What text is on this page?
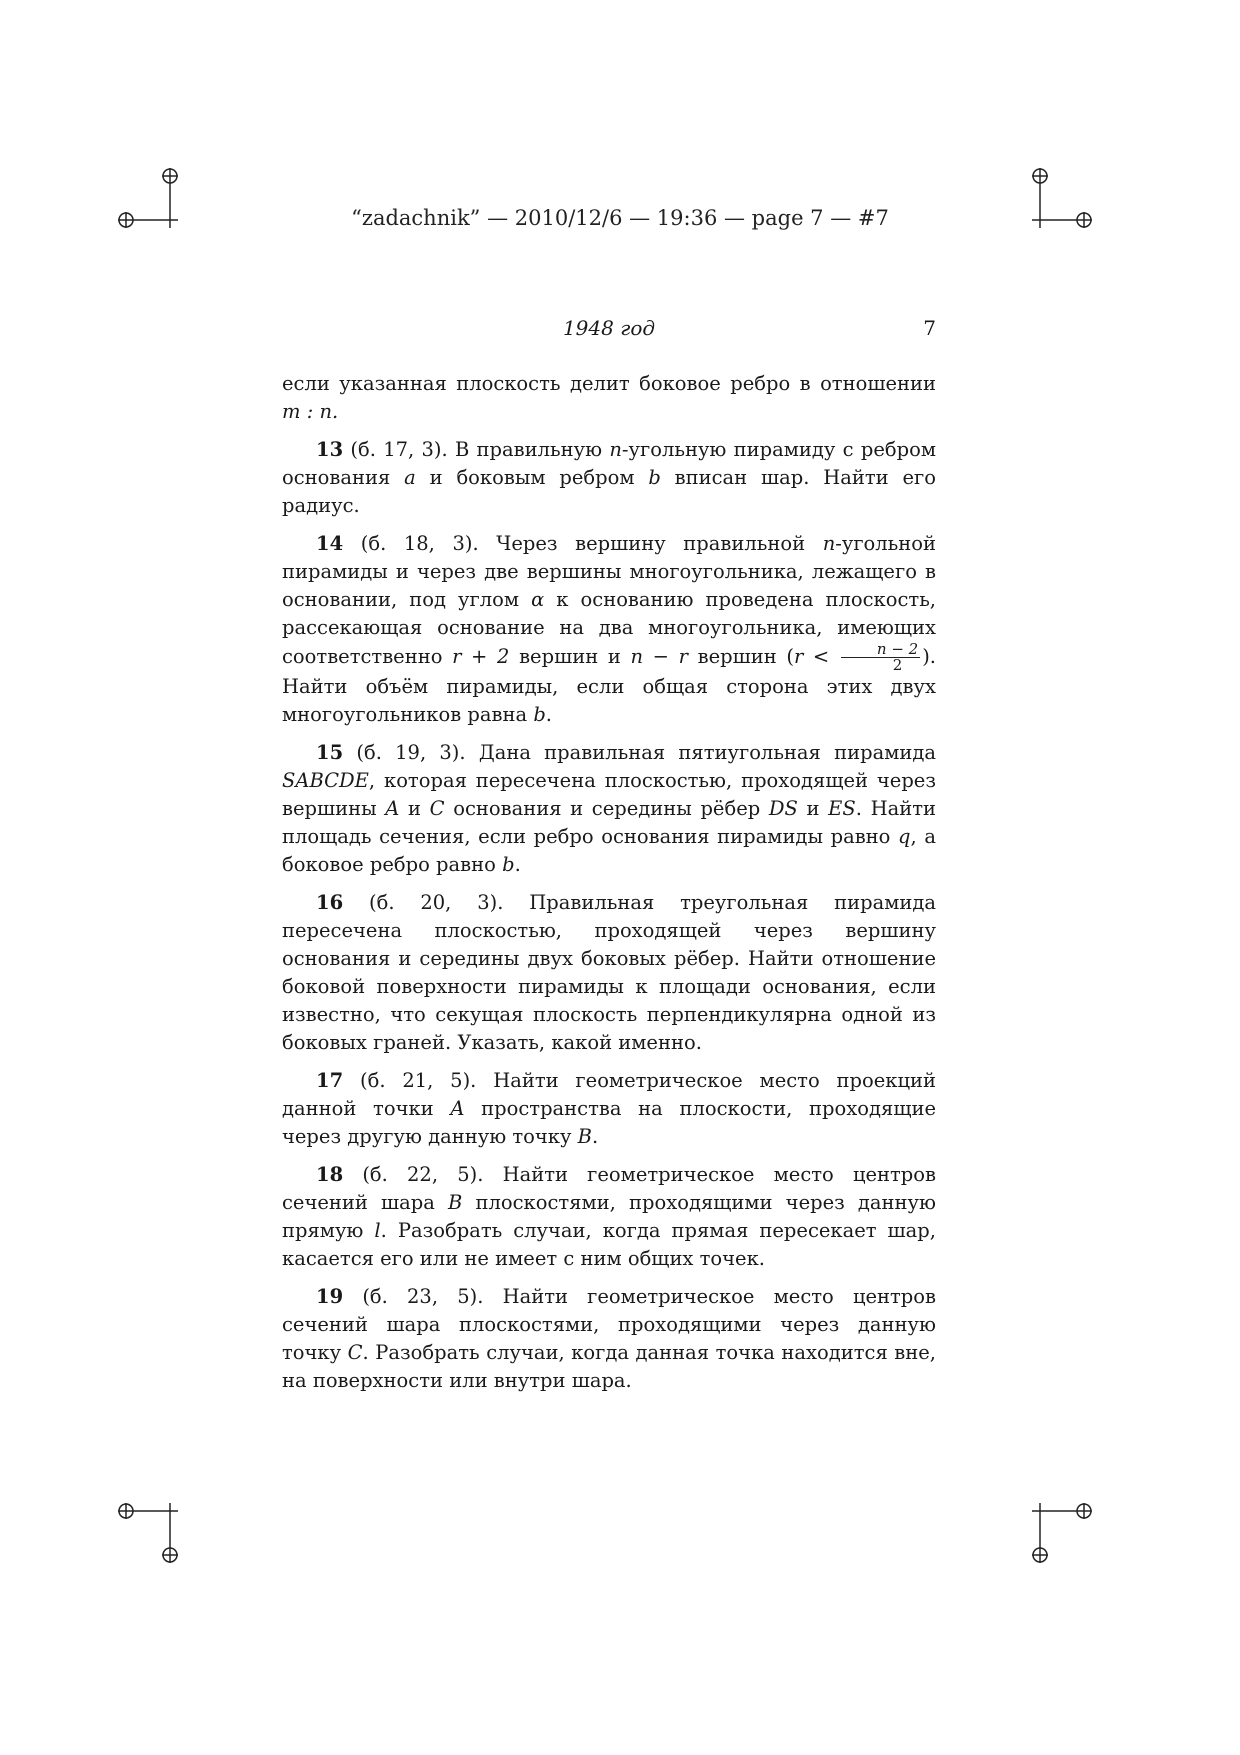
“zadachnik” — 2010/12/6 — 19:36 — page 7 — #7
1948 год	7

если указанная плоскость делит боковое ребро в отношении m : n.

13 (б. 17, 3). В правильную n-угольную пирамиду с ребром основания a и боковым ребром b вписан шар. Найти его радиус.

14 (б. 18, 3). Через вершину правильной n-угольной пирамиды и через две вершины многоугольника, лежащего в основании, под углом α к основанию проведена плоскость, рассекающая основание на два многоугольника, имеющих соответственно r + 2 вершин и n − r вершин ($r < \frac{n - 2}{2}$ ). Найти объём пирамиды, если общая сторона этих двух многоугольников равна b.

15 (б. 19, 3). Дана правильная пятиугольная пирамида SABCDE, которая пересечена плоскостью, проходящей через вершины A и C основания и середины рёбер DS и ES. Найти площадь сечения, если ребро основания пирамиды равно q, а боковое ребро равно b.

16 (б. 20, 3). Правильная треугольная пирамида пересечена плоскостью, проходящей через вершину основания и середины двух боковых рёбер. Найти отношение боковой поверхности пирамиды к площади основания, если известно, что секущая плоскость перпендикулярна одной из боковых граней. Указать, какой именно.

17 (б. 21, 5). Найти геометрическое место проекций данной точки A пространства на плоскости, проходящие через другую данную точку B.

18 (б. 22, 5). Найти геометрическое место центров сечений шара B плоскостями, проходящими через данную прямую l. Разобрать случаи, когда прямая пересекает шар, касается его или не имеет с ним общих точек.

19 (б. 23, 5). Найти геометрическое место центров сечений шара плоскостями, проходящими через данную точку C. Разобрать случаи, когда данная точка находится вне, на поверхности или внутри шара.
